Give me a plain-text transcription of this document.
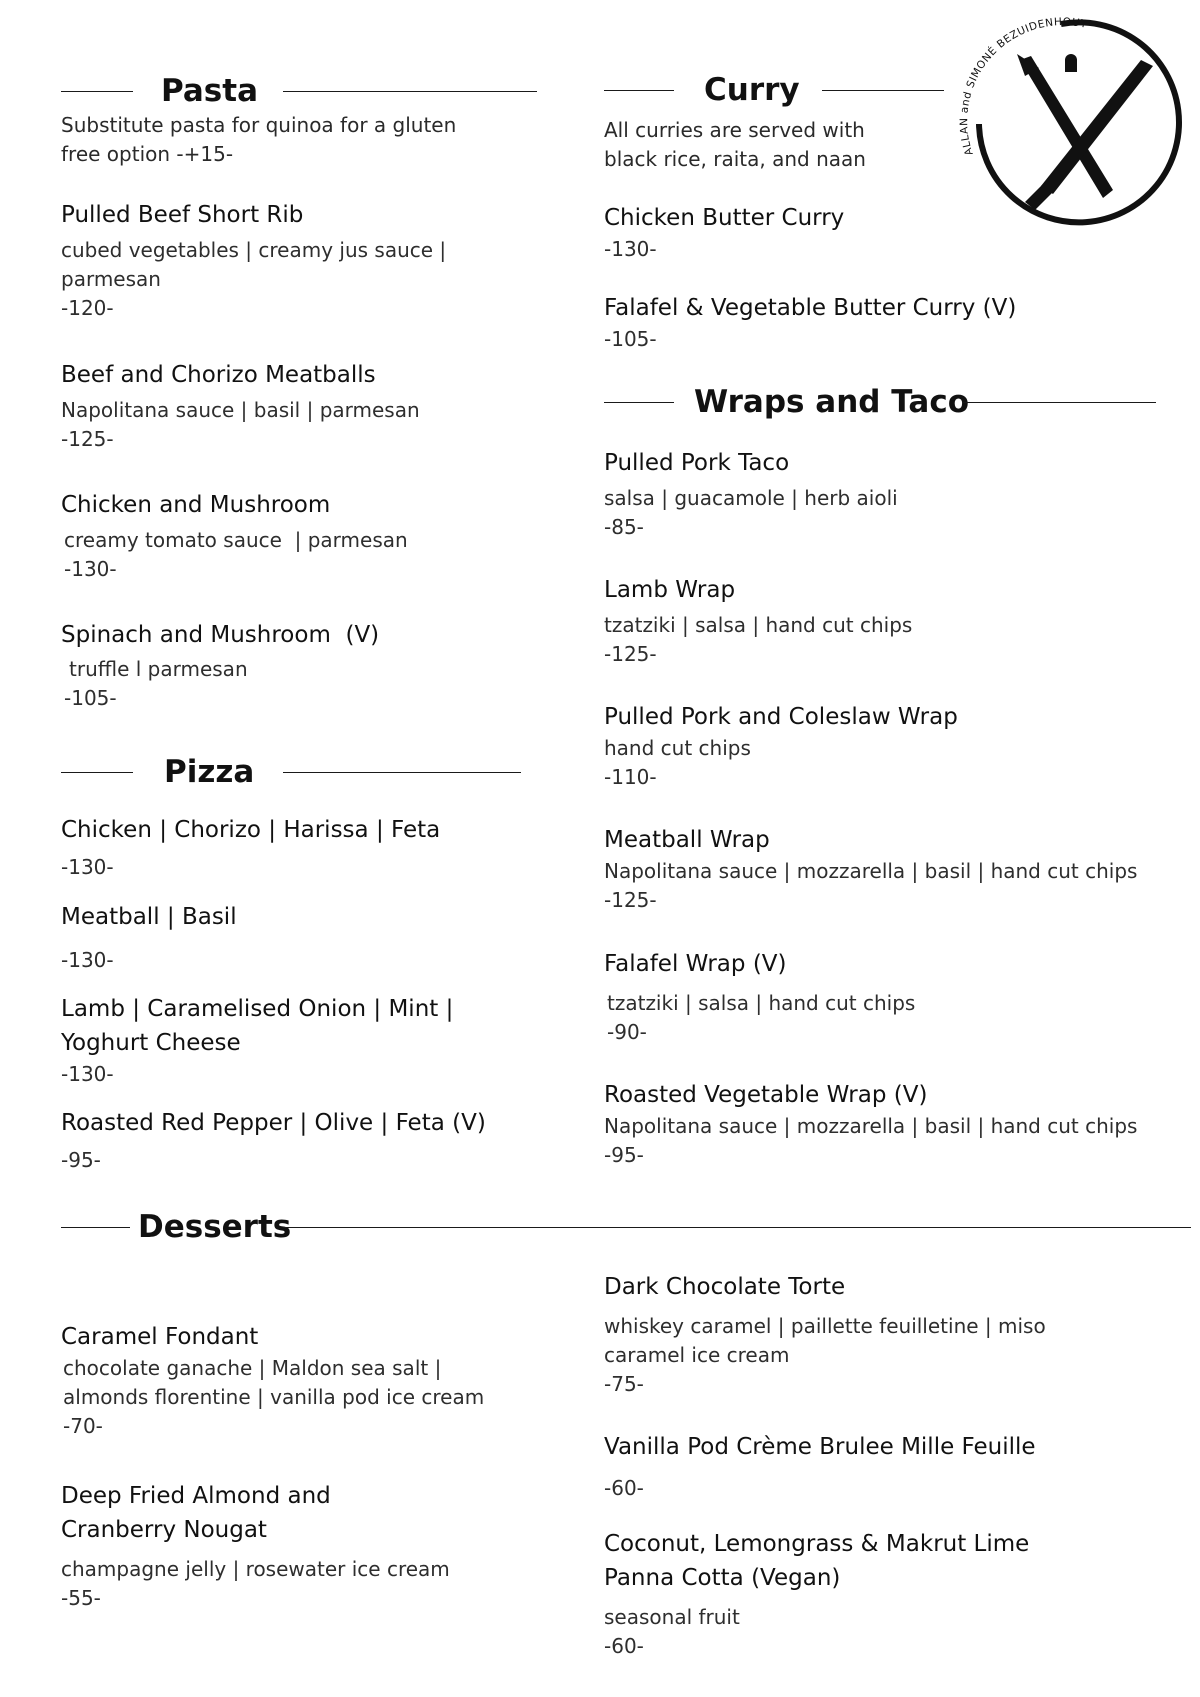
ALLAN and SIMONÉ BEZUIDENHOUT
Pasta
Substitute pasta for quinoa for a gluten free option -+15-
Pulled Beef Short Rib
cubed vegetables | creamy jus sauce | parmesan
-120-
Beef and Chorizo Meatballs
Napolitana sauce | basil | parmesan
-125-
Chicken and Mushroom
creamy tomato sauce  | parmesan
-130-
Spinach and Mushroom  (V)
truffle l parmesan
-105-
Pizza
Chicken | Chorizo | Harissa | Feta
-130-
Meatball | Basil
-130-
Lamb | Caramelised Onion | Mint | Yoghurt Cheese
-130-
Roasted Red Pepper | Olive | Feta (V)
-95-
Curry
All curries are served with black rice, raita, and naan
Chicken Butter Curry
-130-
Falafel & Vegetable Butter Curry (V)
-105-
Wraps and Taco
Pulled Pork Taco
salsa | guacamole | herb aioli
-85-
Lamb Wrap
tzatziki | salsa | hand cut chips
-125-
Pulled Pork and Coleslaw Wrap
hand cut chips
-110-
Meatball Wrap
Napolitana sauce | mozzarella | basil | hand cut chips
-125-
Falafel Wrap (V)
tzatziki | salsa | hand cut chips
-90-
Roasted Vegetable Wrap (V)
Napolitana sauce | mozzarella | basil | hand cut chips
-95-
Desserts
Caramel Fondant
chocolate ganache | Maldon sea salt | almonds florentine | vanilla pod ice cream
-70-
Deep Fried Almond and Cranberry Nougat
champagne jelly | rosewater ice cream
-55-
Dark Chocolate Torte
whiskey caramel | paillette feuilletine | miso caramel ice cream
-75-
Vanilla Pod Crème Brulee Mille Feuille
-60-
Coconut, Lemongrass & Makrut Lime Panna Cotta (Vegan)
seasonal fruit
-60-
